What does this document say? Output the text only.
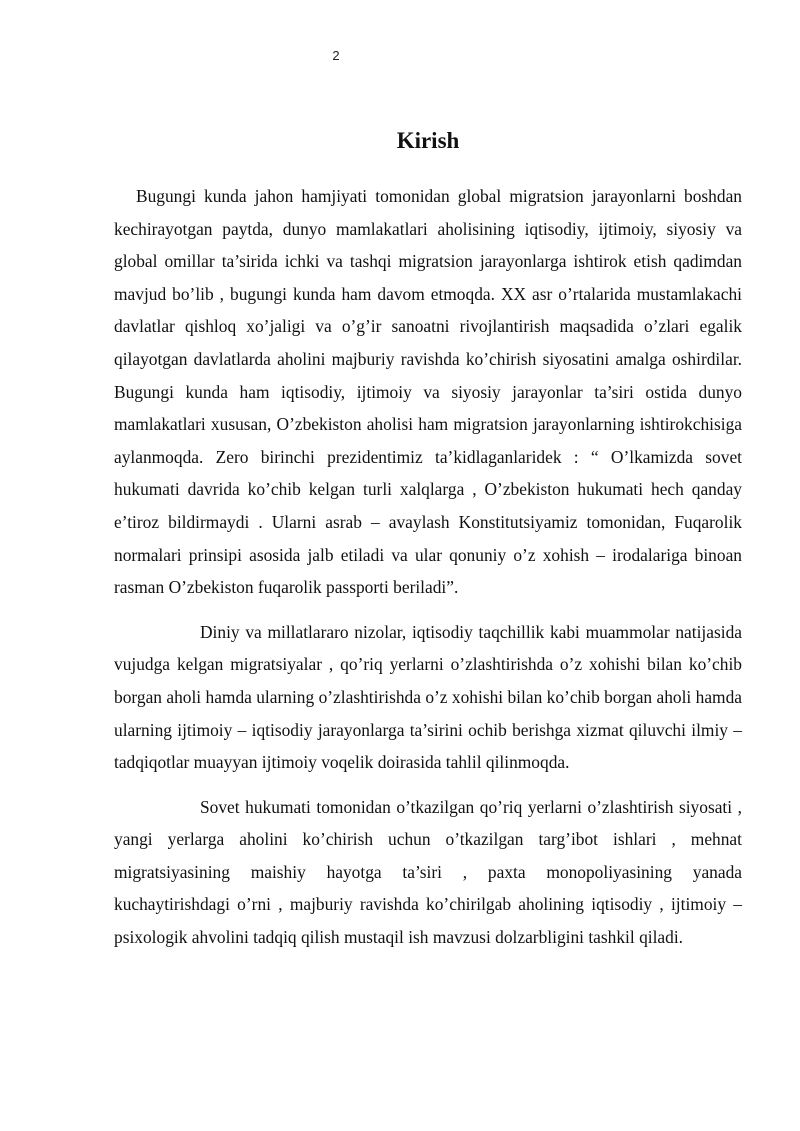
2
Kirish

Bugungi kunda jahon hamjiyati tomonidan global migratsion jarayonlarni boshdan kechirayotgan paytda, dunyo mamlakatlari aholisining iqtisodiy, ijtimoiy, siyosiy va global omillar ta’sirida ichki va tashqi migratsion jarayonlarga ishtirok etish qadimdan mavjud bo’lib , bugungi kunda ham davom etmoqda. XX asr o’rtalarida mustamlakachi davlatlar qishloq xo’jaligi va o’g’ir sanoatni rivojlantirish maqsadida o’zlari egalik qilayotgan davlatlarda aholini majburiy ravishda ko’chirish siyosatini amalga oshirdilar. Bugungi kunda ham iqtisodiy, ijtimoiy va siyosiy jarayonlar ta’siri ostida dunyo mamlakatlari xususan, O’zbekiston aholisi ham migratsion jarayonlarning ishtirokchisiga aylanmoqda. Zero birinchi prezidentimiz ta’kidlaganlaridek : “ O’lkamizda sovet hukumati davrida ko’chib kelgan turli xalqlarga , O’zbekiston hukumati hech qanday e’tiroz bildirmaydi . Ularni asrab – avaylash Konstitutsiyamiz tomonidan, Fuqarolik normalari prinsipi asosida jalb etiladi va ular qonuniy o’z xohish – irodalariga binoan rasman O’zbekiston fuqarolik passporti beriladi”.

Diniy va millatlararo nizolar, iqtisodiy taqchillik kabi muammolar natijasida vujudga kelgan migratsiyalar , qo’riq yerlarni o’zlashtirishda o’z xohishi bilan ko’chib borgan aholi hamda ularning o’zlashtirishda o’z xohishi bilan ko’chib borgan aholi hamda ularning ijtimoiy – iqtisodiy jarayonlarga ta’sirini ochib berishga xizmat qiluvchi ilmiy – tadqiqotlar muayyan ijtimoiy voqelik doirasida tahlil qilinmoqda.

Sovet hukumati tomonidan o’tkazilgan qo’riq yerlarni o’zlashtirish siyosati , yangi yerlarga aholini ko’chirish uchun o’tkazilgan targ’ibot ishlari , mehnat migratsiyasining maishiy hayotga ta’siri , paxta monopoliyasining yanada kuchaytirishdagi o’rni , majburiy ravishda ko’chirilgab aholining iqtisodiy , ijtimoiy – psixologik ahvolini tadqiq qilish mustaqil ish mavzusi dolzarbligini tashkil qiladi.
